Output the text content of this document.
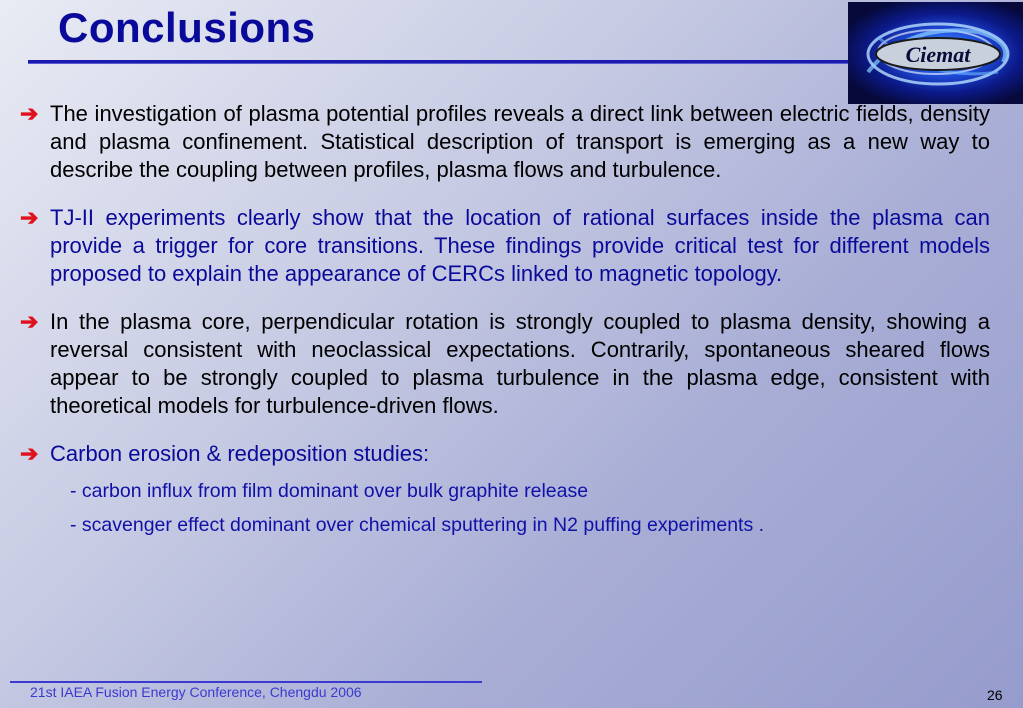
Conclusions
Ciemat
➔ The investigation of plasma potential profiles reveals a direct link between electric fields, density and plasma confinement. Statistical description of transport is emerging as a new way to describe the coupling between profiles, plasma flows and turbulence.
➔ TJ-II experiments clearly show that the location of rational surfaces inside the plasma can provide a trigger for core transitions. These findings provide critical test for different models proposed to explain the appearance of CERCs linked to magnetic topology.
➔ In the plasma core, perpendicular rotation is strongly coupled to plasma density, showing a reversal consistent with neoclassical expectations. Contrarily, spontaneous sheared flows appear to be strongly coupled to plasma turbulence in the plasma edge, consistent with theoretical models for turbulence-driven flows.
➔ Carbon erosion & redeposition studies:
- carbon influx from film dominant over bulk graphite release
- scavenger effect dominant over chemical sputtering in N2 puffing experiments .
21st IAEA Fusion Energy Conference, Chengdu 2006	26
